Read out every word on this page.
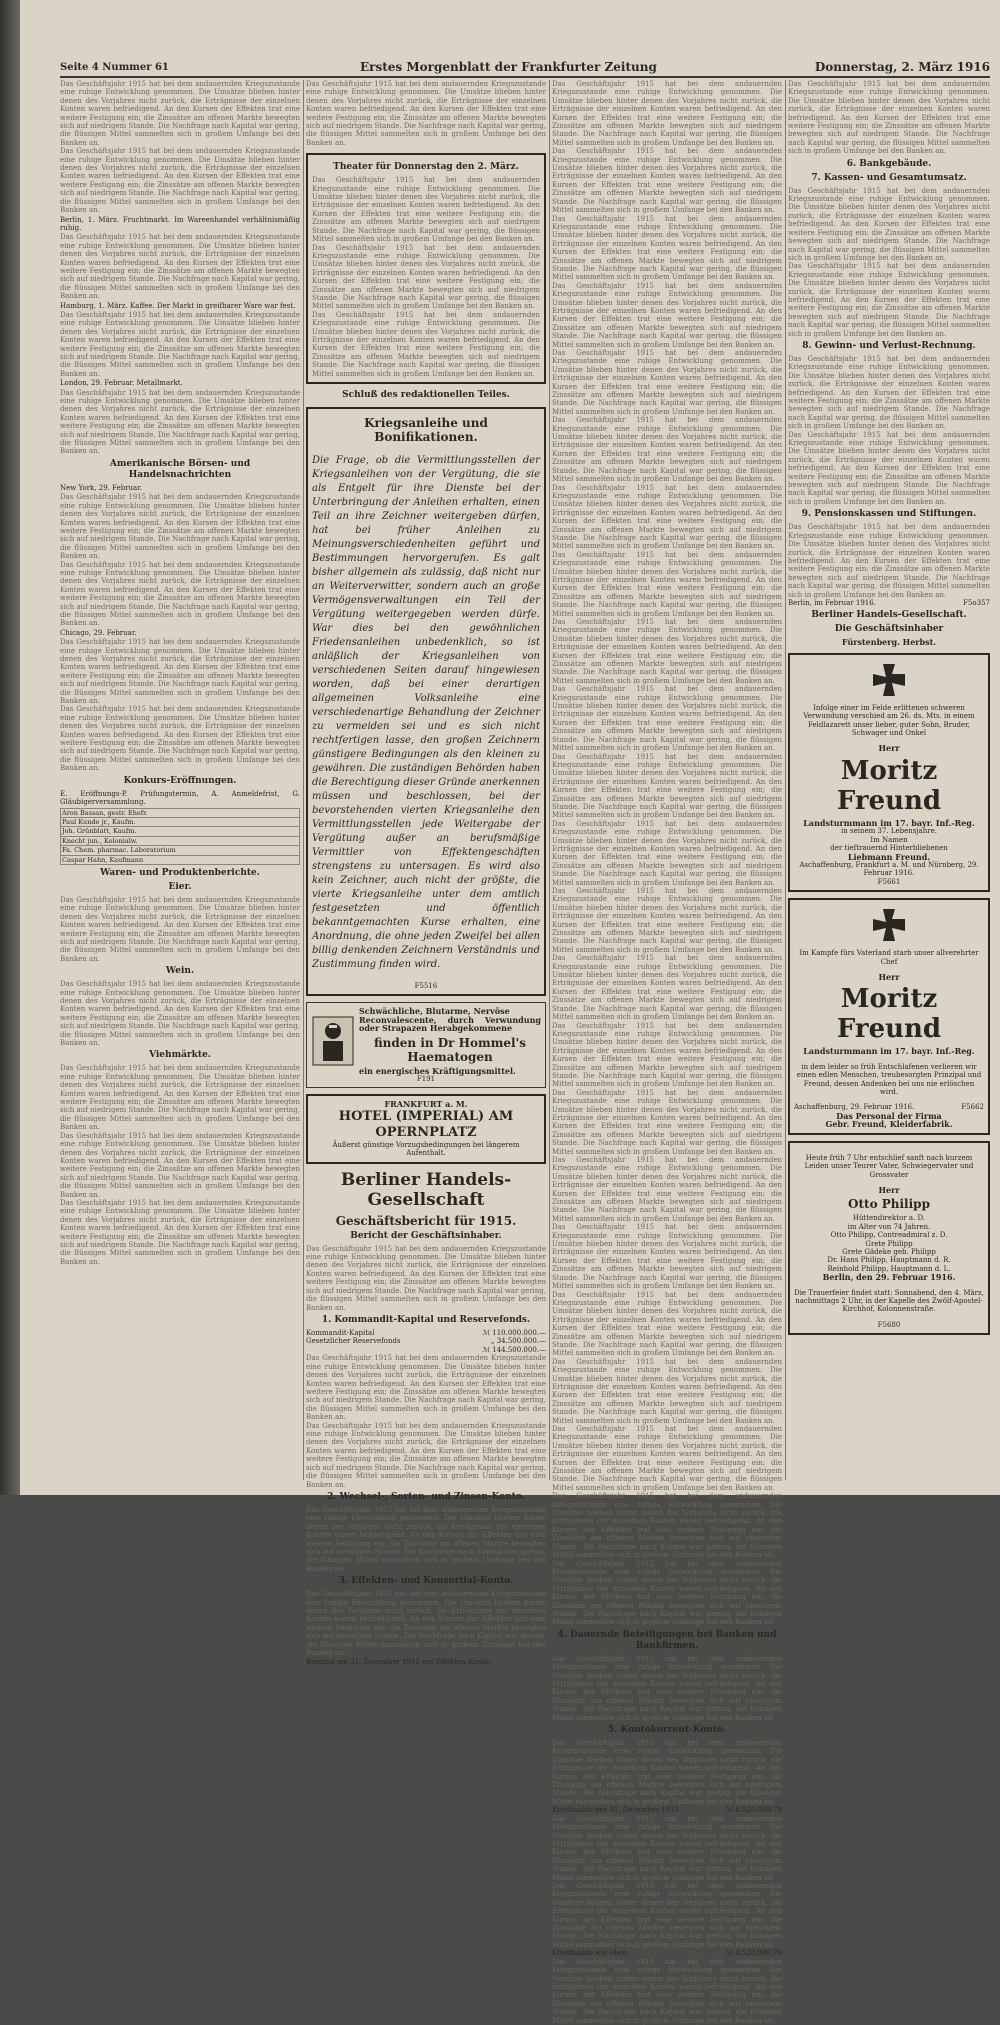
Seite 4 Nummer 61	Erstes Morgenblatt der Frankfurter Zeitung	Donnerstag, 2. März 1916

Das Geschäftsjahr 1915 hat bei dem andauernden Kriegszustande eine ruhige Entwicklung genommen. Die Umsätze blieben hinter denen des Vorjahres nicht zurück, die Erträgnisse der einzelnen Konten waren befriedigend. An den Kursen der Effekten trat eine weitere Festigung ein; die Zinssätze am offenen Markte bewegten sich auf niedrigem Stande. Die Nachfrage nach Kapital war gering, die flüssigen Mittel sammelten sich in großem Umfange bei den Banken an.

Das Geschäftsjahr 1915 hat bei dem andauernden Kriegszustande eine ruhige Entwicklung genommen. Die Umsätze blieben hinter denen des Vorjahres nicht zurück, die Erträgnisse der einzelnen Konten waren befriedigend. An den Kursen der Effekten trat eine weitere Festigung ein; die Zinssätze am offenen Markte bewegten sich auf niedrigem Stande. Die Nachfrage nach Kapital war gering, die flüssigen Mittel sammelten sich in großem Umfange bei den Banken an.

Berlin, 1. März. Fruchtmarkt. Im Wareenhandel verhältnismäßig ruhig.

Das Geschäftsjahr 1915 hat bei dem andauernden Kriegszustande eine ruhige Entwicklung genommen. Die Umsätze blieben hinter denen des Vorjahres nicht zurück, die Erträgnisse der einzelnen Konten waren befriedigend. An den Kursen der Effekten trat eine weitere Festigung ein; die Zinssätze am offenen Markte bewegten sich auf niedrigem Stande. Die Nachfrage nach Kapital war gering, die flüssigen Mittel sammelten sich in großem Umfange bei den Banken an.

Hamburg, 1. März. Kaffee. Der Markt in greifbarer Ware war fest.

Das Geschäftsjahr 1915 hat bei dem andauernden Kriegszustande eine ruhige Entwicklung genommen. Die Umsätze blieben hinter denen des Vorjahres nicht zurück, die Erträgnisse der einzelnen Konten waren befriedigend. An den Kursen der Effekten trat eine weitere Festigung ein; die Zinssätze am offenen Markte bewegten sich auf niedrigem Stande. Die Nachfrage nach Kapital war gering, die flüssigen Mittel sammelten sich in großem Umfange bei den Banken an.

London, 29. Februar. Metallmarkt.

Das Geschäftsjahr 1915 hat bei dem andauernden Kriegszustande eine ruhige Entwicklung genommen. Die Umsätze blieben hinter denen des Vorjahres nicht zurück, die Erträgnisse der einzelnen Konten waren befriedigend. An den Kursen der Effekten trat eine weitere Festigung ein; die Zinssätze am offenen Markte bewegten sich auf niedrigem Stande. Die Nachfrage nach Kapital war gering, die flüssigen Mittel sammelten sich in großem Umfange bei den Banken an.

Amerikanische Börsen- und Handelsnachrichten

New York, 29. Februar.

Das Geschäftsjahr 1915 hat bei dem andauernden Kriegszustande eine ruhige Entwicklung genommen. Die Umsätze blieben hinter denen des Vorjahres nicht zurück, die Erträgnisse der einzelnen Konten waren befriedigend. An den Kursen der Effekten trat eine weitere Festigung ein; die Zinssätze am offenen Markte bewegten sich auf niedrigem Stande. Die Nachfrage nach Kapital war gering, die flüssigen Mittel sammelten sich in großem Umfange bei den Banken an.

Das Geschäftsjahr 1915 hat bei dem andauernden Kriegszustande eine ruhige Entwicklung genommen. Die Umsätze blieben hinter denen des Vorjahres nicht zurück, die Erträgnisse der einzelnen Konten waren befriedigend. An den Kursen der Effekten trat eine weitere Festigung ein; die Zinssätze am offenen Markte bewegten sich auf niedrigem Stande. Die Nachfrage nach Kapital war gering, die flüssigen Mittel sammelten sich in großem Umfange bei den Banken an.

Chicago, 29. Februar.

Das Geschäftsjahr 1915 hat bei dem andauernden Kriegszustande eine ruhige Entwicklung genommen. Die Umsätze blieben hinter denen des Vorjahres nicht zurück, die Erträgnisse der einzelnen Konten waren befriedigend. An den Kursen der Effekten trat eine weitere Festigung ein; die Zinssätze am offenen Markte bewegten sich auf niedrigem Stande. Die Nachfrage nach Kapital war gering, die flüssigen Mittel sammelten sich in großem Umfange bei den Banken an.

Das Geschäftsjahr 1915 hat bei dem andauernden Kriegszustande eine ruhige Entwicklung genommen. Die Umsätze blieben hinter denen des Vorjahres nicht zurück, die Erträgnisse der einzelnen Konten waren befriedigend. An den Kursen der Effekten trat eine weitere Festigung ein; die Zinssätze am offenen Markte bewegten sich auf niedrigem Stande. Die Nachfrage nach Kapital war gering, die flüssigen Mittel sammelten sich in großem Umfange bei den Banken an.

Konkurs-Eröffnungen.

E. Eröffnungs-P. Prüfungstermin, A. Anmeldefrist, G. Gläubigerversammlung.

Aron Bassan, gestr. Ehefr.
Paul Kunde jr., Kaufm.
Joh. Grünblatt, Kaufm.
Knecht jun., Kolonialw.
Fa. Chem. pharmac. Laboratorium
Caspar Hahn, Kaufmann
Waren- und Produktenberichte.
Eier.

Das Geschäftsjahr 1915 hat bei dem andauernden Kriegszustande eine ruhige Entwicklung genommen. Die Umsätze blieben hinter denen des Vorjahres nicht zurück, die Erträgnisse der einzelnen Konten waren befriedigend. An den Kursen der Effekten trat eine weitere Festigung ein; die Zinssätze am offenen Markte bewegten sich auf niedrigem Stande. Die Nachfrage nach Kapital war gering, die flüssigen Mittel sammelten sich in großem Umfange bei den Banken an.

Wein.

Das Geschäftsjahr 1915 hat bei dem andauernden Kriegszustande eine ruhige Entwicklung genommen. Die Umsätze blieben hinter denen des Vorjahres nicht zurück, die Erträgnisse der einzelnen Konten waren befriedigend. An den Kursen der Effekten trat eine weitere Festigung ein; die Zinssätze am offenen Markte bewegten sich auf niedrigem Stande. Die Nachfrage nach Kapital war gering, die flüssigen Mittel sammelten sich in großem Umfange bei den Banken an.

Viehmärkte.

Das Geschäftsjahr 1915 hat bei dem andauernden Kriegszustande eine ruhige Entwicklung genommen. Die Umsätze blieben hinter denen des Vorjahres nicht zurück, die Erträgnisse der einzelnen Konten waren befriedigend. An den Kursen der Effekten trat eine weitere Festigung ein; die Zinssätze am offenen Markte bewegten sich auf niedrigem Stande. Die Nachfrage nach Kapital war gering, die flüssigen Mittel sammelten sich in großem Umfange bei den Banken an.

Das Geschäftsjahr 1915 hat bei dem andauernden Kriegszustande eine ruhige Entwicklung genommen. Die Umsätze blieben hinter denen des Vorjahres nicht zurück, die Erträgnisse der einzelnen Konten waren befriedigend. An den Kursen der Effekten trat eine weitere Festigung ein; die Zinssätze am offenen Markte bewegten sich auf niedrigem Stande. Die Nachfrage nach Kapital war gering, die flüssigen Mittel sammelten sich in großem Umfange bei den Banken an.

Das Geschäftsjahr 1915 hat bei dem andauernden Kriegszustande eine ruhige Entwicklung genommen. Die Umsätze blieben hinter denen des Vorjahres nicht zurück, die Erträgnisse der einzelnen Konten waren befriedigend. An den Kursen der Effekten trat eine weitere Festigung ein; die Zinssätze am offenen Markte bewegten sich auf niedrigem Stande. Die Nachfrage nach Kapital war gering, die flüssigen Mittel sammelten sich in großem Umfange bei den Banken an.

Das Geschäftsjahr 1915 hat bei dem andauernden Kriegszustande eine ruhige Entwicklung genommen. Die Umsätze blieben hinter denen des Vorjahres nicht zurück, die Erträgnisse der einzelnen Konten waren befriedigend. An den Kursen der Effekten trat eine weitere Festigung ein; die Zinssätze am offenen Markte bewegten sich auf niedrigem Stande. Die Nachfrage nach Kapital war gering, die flüssigen Mittel sammelten sich in großem Umfange bei den Banken an.

Theater für Donnerstag den 2. März.

Das Geschäftsjahr 1915 hat bei dem andauernden Kriegszustande eine ruhige Entwicklung genommen. Die Umsätze blieben hinter denen des Vorjahres nicht zurück, die Erträgnisse der einzelnen Konten waren befriedigend. An den Kursen der Effekten trat eine weitere Festigung ein; die Zinssätze am offenen Markte bewegten sich auf niedrigem Stande. Die Nachfrage nach Kapital war gering, die flüssigen Mittel sammelten sich in großem Umfange bei den Banken an.

Das Geschäftsjahr 1915 hat bei dem andauernden Kriegszustande eine ruhige Entwicklung genommen. Die Umsätze blieben hinter denen des Vorjahres nicht zurück, die Erträgnisse der einzelnen Konten waren befriedigend. An den Kursen der Effekten trat eine weitere Festigung ein; die Zinssätze am offenen Markte bewegten sich auf niedrigem Stande. Die Nachfrage nach Kapital war gering, die flüssigen Mittel sammelten sich in großem Umfange bei den Banken an.

Das Geschäftsjahr 1915 hat bei dem andauernden Kriegszustande eine ruhige Entwicklung genommen. Die Umsätze blieben hinter denen des Vorjahres nicht zurück, die Erträgnisse der einzelnen Konten waren befriedigend. An den Kursen der Effekten trat eine weitere Festigung ein; die Zinssätze am offenen Markte bewegten sich auf niedrigem Stande. Die Nachfrage nach Kapital war gering, die flüssigen Mittel sammelten sich in großem Umfange bei den Banken an.

Schluß des redaktionellen Teiles.
Kriegsanleihe und Bonifikationen.

Die Frage, ob die Vermittlungsstellen der Kriegsanleihen von der Vergütung, die sie als Entgelt für ihre Dienste bei der Unterbringung der Anleihen erhalten, einen Teil an ihre Zeichner weitergeben dürfen, hat bei früher Anleihen zu Meinungsverschiedenheiten geführt und Bestimmungen hervorgerufen. Es galt bisher allgemein als zulässig, daß nicht nur an Weiterverwitter, sondern auch an große Vermögensverwaltungen ein Teil der Vergütung weitergegeben werden dürfe. War dies bei den gewöhnlichen Friedensanleihen unbedenklich, so ist anläßlich der Kriegsanleihen von verschiedenen Seiten darauf hingewiesen worden, daß bei einer derartigen allgemeinen Volksanleihe eine verschiedenartige Behandlung der Zeichner zu vermeiden sei und es sich nicht rechtfertigen lasse, den großen Zeichnern günstigere Bedingungen als den kleinen zu gewähren. Die zuständigen Behörden haben die Berechtigung dieser Gründe anerkennen müssen und beschlossen, bei der bevorstehenden vierten Kriegsanleihe den Vermittlungsstellen jede Weitergabe der Vergütung außer an berufsmäßige Vermittler von Effektengeschäften strengstens zu untersagen. Es wird also kein Zeichner, auch nicht der größte, die vierte Kriegsanleihe unter dem amtlich festgesetzten und öffentlich bekanntgemachten Kurse erhalten, eine Anordnung, die ohne jeden Zweifel bei allen billig denkenden Zeichnern Verständnis und Zustimmung finden wird.

F5516
Schwächliche, Blutarme, Nervöse
Reconvalescente, durch Verwundung oder Strapazen Herabgekommene
finden in Dr Hommel's Haematogen
ein energisches Kräftigungsmittel.
F191
FRANKFURT a. M.
HOTEL (IMPERIAL) AM OPERNPLATZ
Äußerst günstige Vorzugsbedingungen bei längerem Aufenthalt.
Berliner Handels-Gesellschaft
Geschäftsbericht für 1915.
Bericht der Geschäftsinhaber.

Das Geschäftsjahr 1915 hat bei dem andauernden Kriegszustande eine ruhige Entwicklung genommen. Die Umsätze blieben hinter denen des Vorjahres nicht zurück, die Erträgnisse der einzelnen Konten waren befriedigend. An den Kursen der Effekten trat eine weitere Festigung ein; die Zinssätze am offenen Markte bewegten sich auf niedrigem Stande. Die Nachfrage nach Kapital war gering, die flüssigen Mittel sammelten sich in großem Umfange bei den Banken an.

1. Kommandit-Kapital und Reservefonds.
Kommandit-Kapital	ℳ 110.000.000.—
Gesetzlicher Reservefonds	„ 34.500.000.—
ℳ 144.500.000.—

Das Geschäftsjahr 1915 hat bei dem andauernden Kriegszustande eine ruhige Entwicklung genommen. Die Umsätze blieben hinter denen des Vorjahres nicht zurück, die Erträgnisse der einzelnen Konten waren befriedigend. An den Kursen der Effekten trat eine weitere Festigung ein; die Zinssätze am offenen Markte bewegten sich auf niedrigem Stande. Die Nachfrage nach Kapital war gering, die flüssigen Mittel sammelten sich in großem Umfange bei den Banken an.

Das Geschäftsjahr 1915 hat bei dem andauernden Kriegszustande eine ruhige Entwicklung genommen. Die Umsätze blieben hinter denen des Vorjahres nicht zurück, die Erträgnisse der einzelnen Konten waren befriedigend. An den Kursen der Effekten trat eine weitere Festigung ein; die Zinssätze am offenen Markte bewegten sich auf niedrigem Stande. Die Nachfrage nach Kapital war gering, die flüssigen Mittel sammelten sich in großem Umfange bei den Banken an.

2. Wechsel-, Sorten- und Zinsen-Konto.

Das Geschäftsjahr 1915 hat bei dem andauernden Kriegszustande eine ruhige Entwicklung genommen. Die Umsätze blieben hinter denen des Vorjahres nicht zurück, die Erträgnisse der einzelnen Konten waren befriedigend. An den Kursen der Effekten trat eine weitere Festigung ein; die Zinssätze am offenen Markte bewegten sich auf niedrigem Stande. Die Nachfrage nach Kapital war gering, die flüssigen Mittel sammelten sich in großem Umfange bei den Banken an.

3. Effekten- und Konsortial-Konto.

Das Geschäftsjahr 1915 hat bei dem andauernden Kriegszustande eine ruhige Entwicklung genommen. Die Umsätze blieben hinter denen des Vorjahres nicht zurück, die Erträgnisse der einzelnen Konten waren befriedigend. An den Kursen der Effekten trat eine weitere Festigung ein; die Zinssätze am offenen Markte bewegten sich auf niedrigem Stande. Die Nachfrage nach Kapital war gering, die flüssigen Mittel sammelten sich in großem Umfange bei den Banken an.

Bestand am 31. December 1915 auf Effekten-Konto:

Das Geschäftsjahr 1915 hat bei dem andauernden Kriegszustande eine ruhige Entwicklung genommen. Die Umsätze blieben hinter denen des Vorjahres nicht zurück, die Erträgnisse der einzelnen Konten waren befriedigend. An den Kursen der Effekten trat eine weitere Festigung ein; die Zinssätze am offenen Markte bewegten sich auf niedrigem Stande. Die Nachfrage nach Kapital war gering, die flüssigen Mittel sammelten sich in großem Umfange bei den Banken an.

Das Geschäftsjahr 1915 hat bei dem andauernden Kriegszustande eine ruhige Entwicklung genommen. Die Umsätze blieben hinter denen des Vorjahres nicht zurück, die Erträgnisse der einzelnen Konten waren befriedigend. An den Kursen der Effekten trat eine weitere Festigung ein; die Zinssätze am offenen Markte bewegten sich auf niedrigem Stande. Die Nachfrage nach Kapital war gering, die flüssigen Mittel sammelten sich in großem Umfange bei den Banken an.

Das Geschäftsjahr 1915 hat bei dem andauernden Kriegszustande eine ruhige Entwicklung genommen. Die Umsätze blieben hinter denen des Vorjahres nicht zurück, die Erträgnisse der einzelnen Konten waren befriedigend. An den Kursen der Effekten trat eine weitere Festigung ein; die Zinssätze am offenen Markte bewegten sich auf niedrigem Stande. Die Nachfrage nach Kapital war gering, die flüssigen Mittel sammelten sich in großem Umfange bei den Banken an.

Das Geschäftsjahr 1915 hat bei dem andauernden Kriegszustande eine ruhige Entwicklung genommen. Die Umsätze blieben hinter denen des Vorjahres nicht zurück, die Erträgnisse der einzelnen Konten waren befriedigend. An den Kursen der Effekten trat eine weitere Festigung ein; die Zinssätze am offenen Markte bewegten sich auf niedrigem Stande. Die Nachfrage nach Kapital war gering, die flüssigen Mittel sammelten sich in großem Umfange bei den Banken an.

Das Geschäftsjahr 1915 hat bei dem andauernden Kriegszustande eine ruhige Entwicklung genommen. Die Umsätze blieben hinter denen des Vorjahres nicht zurück, die Erträgnisse der einzelnen Konten waren befriedigend. An den Kursen der Effekten trat eine weitere Festigung ein; die Zinssätze am offenen Markte bewegten sich auf niedrigem Stande. Die Nachfrage nach Kapital war gering, die flüssigen Mittel sammelten sich in großem Umfange bei den Banken an.

Das Geschäftsjahr 1915 hat bei dem andauernden Kriegszustande eine ruhige Entwicklung genommen. Die Umsätze blieben hinter denen des Vorjahres nicht zurück, die Erträgnisse der einzelnen Konten waren befriedigend. An den Kursen der Effekten trat eine weitere Festigung ein; die Zinssätze am offenen Markte bewegten sich auf niedrigem Stande. Die Nachfrage nach Kapital war gering, die flüssigen Mittel sammelten sich in großem Umfange bei den Banken an.

Das Geschäftsjahr 1915 hat bei dem andauernden Kriegszustande eine ruhige Entwicklung genommen. Die Umsätze blieben hinter denen des Vorjahres nicht zurück, die Erträgnisse der einzelnen Konten waren befriedigend. An den Kursen der Effekten trat eine weitere Festigung ein; die Zinssätze am offenen Markte bewegten sich auf niedrigem Stande. Die Nachfrage nach Kapital war gering, die flüssigen Mittel sammelten sich in großem Umfange bei den Banken an.

Das Geschäftsjahr 1915 hat bei dem andauernden Kriegszustande eine ruhige Entwicklung genommen. Die Umsätze blieben hinter denen des Vorjahres nicht zurück, die Erträgnisse der einzelnen Konten waren befriedigend. An den Kursen der Effekten trat eine weitere Festigung ein; die Zinssätze am offenen Markte bewegten sich auf niedrigem Stande. Die Nachfrage nach Kapital war gering, die flüssigen Mittel sammelten sich in großem Umfange bei den Banken an.

Das Geschäftsjahr 1915 hat bei dem andauernden Kriegszustande eine ruhige Entwicklung genommen. Die Umsätze blieben hinter denen des Vorjahres nicht zurück, die Erträgnisse der einzelnen Konten waren befriedigend. An den Kursen der Effekten trat eine weitere Festigung ein; die Zinssätze am offenen Markte bewegten sich auf niedrigem Stande. Die Nachfrage nach Kapital war gering, die flüssigen Mittel sammelten sich in großem Umfange bei den Banken an.

Das Geschäftsjahr 1915 hat bei dem andauernden Kriegszustande eine ruhige Entwicklung genommen. Die Umsätze blieben hinter denen des Vorjahres nicht zurück, die Erträgnisse der einzelnen Konten waren befriedigend. An den Kursen der Effekten trat eine weitere Festigung ein; die Zinssätze am offenen Markte bewegten sich auf niedrigem Stande. Die Nachfrage nach Kapital war gering, die flüssigen Mittel sammelten sich in großem Umfange bei den Banken an.

Das Geschäftsjahr 1915 hat bei dem andauernden Kriegszustande eine ruhige Entwicklung genommen. Die Umsätze blieben hinter denen des Vorjahres nicht zurück, die Erträgnisse der einzelnen Konten waren befriedigend. An den Kursen der Effekten trat eine weitere Festigung ein; die Zinssätze am offenen Markte bewegten sich auf niedrigem Stande. Die Nachfrage nach Kapital war gering, die flüssigen Mittel sammelten sich in großem Umfange bei den Banken an.

Das Geschäftsjahr 1915 hat bei dem andauernden Kriegszustande eine ruhige Entwicklung genommen. Die Umsätze blieben hinter denen des Vorjahres nicht zurück, die Erträgnisse der einzelnen Konten waren befriedigend. An den Kursen der Effekten trat eine weitere Festigung ein; die Zinssätze am offenen Markte bewegten sich auf niedrigem Stande. Die Nachfrage nach Kapital war gering, die flüssigen Mittel sammelten sich in großem Umfange bei den Banken an.

Das Geschäftsjahr 1915 hat bei dem andauernden Kriegszustande eine ruhige Entwicklung genommen. Die Umsätze blieben hinter denen des Vorjahres nicht zurück, die Erträgnisse der einzelnen Konten waren befriedigend. An den Kursen der Effekten trat eine weitere Festigung ein; die Zinssätze am offenen Markte bewegten sich auf niedrigem Stande. Die Nachfrage nach Kapital war gering, die flüssigen Mittel sammelten sich in großem Umfange bei den Banken an.

Das Geschäftsjahr 1915 hat bei dem andauernden Kriegszustande eine ruhige Entwicklung genommen. Die Umsätze blieben hinter denen des Vorjahres nicht zurück, die Erträgnisse der einzelnen Konten waren befriedigend. An den Kursen der Effekten trat eine weitere Festigung ein; die Zinssätze am offenen Markte bewegten sich auf niedrigem Stande. Die Nachfrage nach Kapital war gering, die flüssigen Mittel sammelten sich in großem Umfange bei den Banken an.

Das Geschäftsjahr 1915 hat bei dem andauernden Kriegszustande eine ruhige Entwicklung genommen. Die Umsätze blieben hinter denen des Vorjahres nicht zurück, die Erträgnisse der einzelnen Konten waren befriedigend. An den Kursen der Effekten trat eine weitere Festigung ein; die Zinssätze am offenen Markte bewegten sich auf niedrigem Stande. Die Nachfrage nach Kapital war gering, die flüssigen Mittel sammelten sich in großem Umfange bei den Banken an.

Das Geschäftsjahr 1915 hat bei dem andauernden Kriegszustande eine ruhige Entwicklung genommen. Die Umsätze blieben hinter denen des Vorjahres nicht zurück, die Erträgnisse der einzelnen Konten waren befriedigend. An den Kursen der Effekten trat eine weitere Festigung ein; die Zinssätze am offenen Markte bewegten sich auf niedrigem Stande. Die Nachfrage nach Kapital war gering, die flüssigen Mittel sammelten sich in großem Umfange bei den Banken an.

Das Geschäftsjahr 1915 hat bei dem andauernden Kriegszustande eine ruhige Entwicklung genommen. Die Umsätze blieben hinter denen des Vorjahres nicht zurück, die Erträgnisse der einzelnen Konten waren befriedigend. An den Kursen der Effekten trat eine weitere Festigung ein; die Zinssätze am offenen Markte bewegten sich auf niedrigem Stande. Die Nachfrage nach Kapital war gering, die flüssigen Mittel sammelten sich in großem Umfange bei den Banken an.

Das Geschäftsjahr 1915 hat bei dem andauernden Kriegszustande eine ruhige Entwicklung genommen. Die Umsätze blieben hinter denen des Vorjahres nicht zurück, die Erträgnisse der einzelnen Konten waren befriedigend. An den Kursen der Effekten trat eine weitere Festigung ein; die Zinssätze am offenen Markte bewegten sich auf niedrigem Stande. Die Nachfrage nach Kapital war gering, die flüssigen Mittel sammelten sich in großem Umfange bei den Banken an.

Das Geschäftsjahr 1915 hat bei dem andauernden Kriegszustande eine ruhige Entwicklung genommen. Die Umsätze blieben hinter denen des Vorjahres nicht zurück, die Erträgnisse der einzelnen Konten waren befriedigend. An den Kursen der Effekten trat eine weitere Festigung ein; die Zinssätze am offenen Markte bewegten sich auf niedrigem Stande. Die Nachfrage nach Kapital war gering, die flüssigen Mittel sammelten sich in großem Umfange bei den Banken an.

Das Geschäftsjahr 1915 hat bei dem andauernden Kriegszustande eine ruhige Entwicklung genommen. Die Umsätze blieben hinter denen des Vorjahres nicht zurück, die Erträgnisse der einzelnen Konten waren befriedigend. An den Kursen der Effekten trat eine weitere Festigung ein; die Zinssätze am offenen Markte bewegten sich auf niedrigem Stande. Die Nachfrage nach Kapital war gering, die flüssigen Mittel sammelten sich in großem Umfange bei den Banken an.

Das Geschäftsjahr 1915 hat bei dem andauernden Kriegszustande eine ruhige Entwicklung genommen. Die Umsätze blieben hinter denen des Vorjahres nicht zurück, die Erträgnisse der einzelnen Konten waren befriedigend. An den Kursen der Effekten trat eine weitere Festigung ein; die Zinssätze am offenen Markte bewegten sich auf niedrigem Stande. Die Nachfrage nach Kapital war gering, die flüssigen Mittel sammelten sich in großem Umfange bei den Banken an.

Das Geschäftsjahr 1915 hat bei dem andauernden Kriegszustande eine ruhige Entwicklung genommen. Die Umsätze blieben hinter denen des Vorjahres nicht zurück, die Erträgnisse der einzelnen Konten waren befriedigend. An den Kursen der Effekten trat eine weitere Festigung ein; die Zinssätze am offenen Markte bewegten sich auf niedrigem Stande. Die Nachfrage nach Kapital war gering, die flüssigen Mittel sammelten sich in großem Umfange bei den Banken an.

Das Geschäftsjahr 1915 hat bei dem andauernden Kriegszustande eine ruhige Entwicklung genommen. Die Umsätze blieben hinter denen des Vorjahres nicht zurück, die Erträgnisse der einzelnen Konten waren befriedigend. An den Kursen der Effekten trat eine weitere Festigung ein; die Zinssätze am offenen Markte bewegten sich auf niedrigem Stande. Die Nachfrage nach Kapital war gering, die flüssigen Mittel sammelten sich in großem Umfange bei den Banken an.

4. Dauernde Beteiligungen bei Banken und Bankfirmen.

Das Geschäftsjahr 1915 hat bei dem andauernden Kriegszustande eine ruhige Entwicklung genommen. Die Umsätze blieben hinter denen des Vorjahres nicht zurück, die Erträgnisse der einzelnen Konten waren befriedigend. An den Kursen der Effekten trat eine weitere Festigung ein; die Zinssätze am offenen Markte bewegten sich auf niedrigem Stande. Die Nachfrage nach Kapital war gering, die flüssigen Mittel sammelten sich in großem Umfange bei den Banken an.

5. Kontokorrent-Konto.

Das Geschäftsjahr 1915 hat bei dem andauernden Kriegszustande eine ruhige Entwicklung genommen. Die Umsätze blieben hinter denen des Vorjahres nicht zurück, die Erträgnisse der einzelnen Konten waren befriedigend. An den Kursen der Effekten trat eine weitere Festigung ein; die Zinssätze am offenen Markte bewegten sich auf niedrigem Stande. Die Nachfrage nach Kapital war gering, die flüssigen Mittel sammelten sich in großem Umfange bei den Banken an.

Kreditsaldo per 31. December 1915	ℳ 4.520.989.79

Das Geschäftsjahr 1915 hat bei dem andauernden Kriegszustande eine ruhige Entwicklung genommen. Die Umsätze blieben hinter denen des Vorjahres nicht zurück, die Erträgnisse der einzelnen Konten waren befriedigend. An den Kursen der Effekten trat eine weitere Festigung ein; die Zinssätze am offenen Markte bewegten sich auf niedrigem Stande. Die Nachfrage nach Kapital war gering, die flüssigen Mittel sammelten sich in großem Umfange bei den Banken an.

Das Geschäftsjahr 1915 hat bei dem andauernden Kriegszustande eine ruhige Entwicklung genommen. Die Umsätze blieben hinter denen des Vorjahres nicht zurück, die Erträgnisse der einzelnen Konten waren befriedigend. An den Kursen der Effekten trat eine weitere Festigung ein; die Zinssätze am offenen Markte bewegten sich auf niedrigem Stande. Die Nachfrage nach Kapital war gering, die flüssigen Mittel sammelten sich in großem Umfange bei den Banken an.

Kreditsaldo wie oben	ℳ 4.520.989.79

Das Geschäftsjahr 1915 hat bei dem andauernden Kriegszustande eine ruhige Entwicklung genommen. Die Umsätze blieben hinter denen des Vorjahres nicht zurück, die Erträgnisse der einzelnen Konten waren befriedigend. An den Kursen der Effekten trat eine weitere Festigung ein; die Zinssätze am offenen Markte bewegten sich auf niedrigem Stande. Die Nachfrage nach Kapital war gering, die flüssigen Mittel sammelten sich in großem Umfange bei den Banken an.

Das Geschäftsjahr 1915 hat bei dem andauernden Kriegszustande eine ruhige Entwicklung genommen. Die Umsätze blieben hinter denen des Vorjahres nicht zurück, die Erträgnisse der einzelnen Konten waren befriedigend. An den Kursen der Effekten trat eine weitere Festigung ein; die Zinssätze am offenen Markte bewegten sich auf niedrigem Stande. Die Nachfrage nach Kapital war gering, die flüssigen Mittel sammelten sich in großem Umfange bei den Banken an.

6. Bankgebäude.
7. Kassen- und Gesamtumsatz.

Das Geschäftsjahr 1915 hat bei dem andauernden Kriegszustande eine ruhige Entwicklung genommen. Die Umsätze blieben hinter denen des Vorjahres nicht zurück, die Erträgnisse der einzelnen Konten waren befriedigend. An den Kursen der Effekten trat eine weitere Festigung ein; die Zinssätze am offenen Markte bewegten sich auf niedrigem Stande. Die Nachfrage nach Kapital war gering, die flüssigen Mittel sammelten sich in großem Umfange bei den Banken an.

Das Geschäftsjahr 1915 hat bei dem andauernden Kriegszustande eine ruhige Entwicklung genommen. Die Umsätze blieben hinter denen des Vorjahres nicht zurück, die Erträgnisse der einzelnen Konten waren befriedigend. An den Kursen der Effekten trat eine weitere Festigung ein; die Zinssätze am offenen Markte bewegten sich auf niedrigem Stande. Die Nachfrage nach Kapital war gering, die flüssigen Mittel sammelten sich in großem Umfange bei den Banken an.

8. Gewinn- und Verlust-Rechnung.

Das Geschäftsjahr 1915 hat bei dem andauernden Kriegszustande eine ruhige Entwicklung genommen. Die Umsätze blieben hinter denen des Vorjahres nicht zurück, die Erträgnisse der einzelnen Konten waren befriedigend. An den Kursen der Effekten trat eine weitere Festigung ein; die Zinssätze am offenen Markte bewegten sich auf niedrigem Stande. Die Nachfrage nach Kapital war gering, die flüssigen Mittel sammelten sich in großem Umfange bei den Banken an.

Das Geschäftsjahr 1915 hat bei dem andauernden Kriegszustande eine ruhige Entwicklung genommen. Die Umsätze blieben hinter denen des Vorjahres nicht zurück, die Erträgnisse der einzelnen Konten waren befriedigend. An den Kursen der Effekten trat eine weitere Festigung ein; die Zinssätze am offenen Markte bewegten sich auf niedrigem Stande. Die Nachfrage nach Kapital war gering, die flüssigen Mittel sammelten sich in großem Umfange bei den Banken an.

9. Pensionskassen und Stiftungen.

Das Geschäftsjahr 1915 hat bei dem andauernden Kriegszustande eine ruhige Entwicklung genommen. Die Umsätze blieben hinter denen des Vorjahres nicht zurück, die Erträgnisse der einzelnen Konten waren befriedigend. An den Kursen der Effekten trat eine weitere Festigung ein; die Zinssätze am offenen Markte bewegten sich auf niedrigem Stande. Die Nachfrage nach Kapital war gering, die flüssigen Mittel sammelten sich in großem Umfange bei den Banken an.

Berlin, im Februar 1916.	F5o357
Berliner Handels-Gesellschaft.
Die Geschäftsinhaber
Fürstenberg. Herbst.

Infolge einer im Felde erlittenen schweren Verwundung verschied am 26. ds. Mts. in einem Feldlazarett unser lieber, guter Sohn, Bruder, Schwager und Onkel

Herr
Moritz Freund
Landsturmmann im 17. bayr. Inf.-Reg.
in seinem 37. Lebensjahre.
Im Namen
der tieftrauernd Hinterbliebenen
Liebmann Freund.
Aschaffenburg, Frankfurt a. M. und Nürnberg, 29. Februar 1916.
F5661

Im Kampfe fürs Vaterland starb unser allverehrter Chef

Herr
Moritz Freund
Landsturmmann im 17. bayr. Inf.-Reg.

in dem leider so früh Entschlafenen verlieren wir einen edlen Menschen, treubesorgten Prinzipal und Freund, dessen Andenken bei uns nie erlöschen wird.

Aschaffenburg, 29. Februar 1916.	F5662
Das Personal der Firma
Gebr. Freund, Kleiderfabrik.

Heute früh 7 Uhr entschlief sanft nach kurzem Leiden unser Teurer Vater, Schwiegervater und Grossvater

Herr
Otto Philipp
Hüttendirektor a. D.
im Alter von 74 Jahren.
Otto Philipp, Contreadmiral z. D.
Grete Philipp
Grete Gädeke geb. Philipp
Dr. Hans Philipp, Hauptmann d. R.
Reinhold Philipp, Hauptmann d. L.
Berlin, den 29. Februar 1916.

Die Trauerfeier findet statt: Sonnabend, den 4. März, nachmittags 2 Uhr, in der Kapelle des Zwölf-Apostel-Kirchhof, Kolonnenstraße.

F5680
